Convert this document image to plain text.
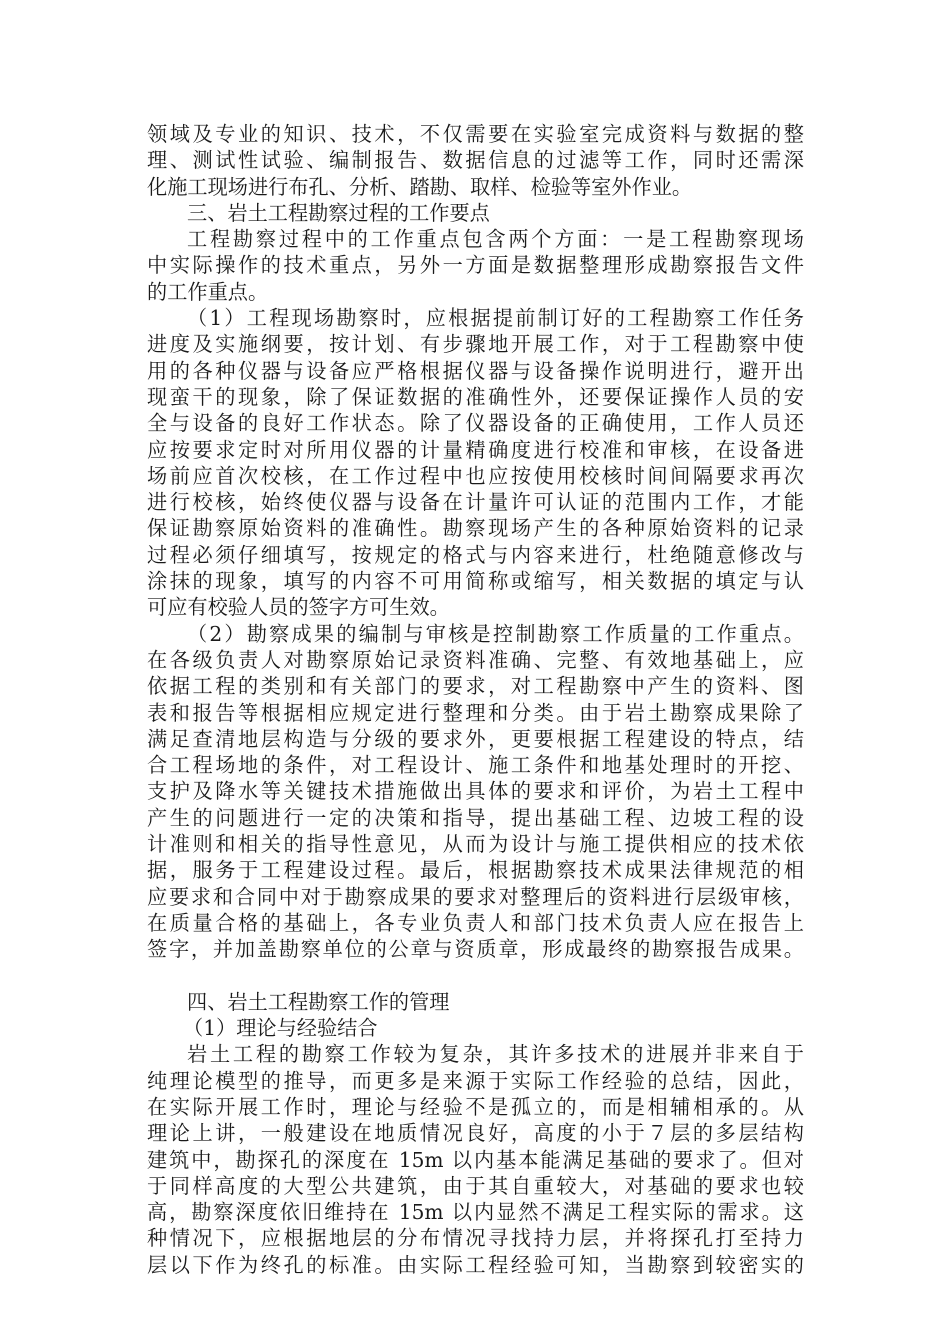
领域及专业的知识、技术，不仅需要在实验室完成资料与数据的整
理、测试性试验、编制报告、数据信息的过滤等工作，同时还需深
化施工现场进行布孔、分析、踏勘、取样、检验等室外作业。
三、岩土工程勘察过程的工作要点
工程勘察过程中的工作重点包含两个方面：一是工程勘察现场
中实际操作的技术重点，另外一方面是数据整理形成勘察报告文件
的工作重点。
（1）工程现场勘察时，应根据提前制订好的工程勘察工作任务
进度及实施纲要，按计划、有步骤地开展工作，对于工程勘察中使
用的各种仪器与设备应严格根据仪器与设备操作说明进行，避开出
现蛮干的现象，除了保证数据的准确性外，还要保证操作人员的安
全与设备的良好工作状态。除了仪器设备的正确使用，工作人员还
应按要求定时对所用仪器的计量精确度进行校准和审核，在设备进
场前应首次校核，在工作过程中也应按使用校核时间间隔要求再次
进行校核，始终使仪器与设备在计量许可认证的范围内工作，才能
保证勘察原始资料的准确性。勘察现场产生的各种原始资料的记录
过程必须仔细填写，按规定的格式与内容来进行，杜绝随意修改与
涂抹的现象，填写的内容不可用简称或缩写，相关数据的填定与认
可应有校验人员的签字方可生效。
（2）勘察成果的编制与审核是控制勘察工作质量的工作重点。
在各级负责人对勘察原始记录资料准确、完整、有效地基础上，应
依据工程的类别和有关部门的要求，对工程勘察中产生的资料、图
表和报告等根据相应规定进行整理和分类。由于岩土勘察成果除了
满足查清地层构造与分级的要求外，更要根据工程建设的特点，结
合工程场地的条件，对工程设计、施工条件和地基处理时的开挖、
支护及降水等关键技术措施做出具体的要求和评价，为岩土工程中
产生的问题进行一定的决策和指导，提出基础工程、边坡工程的设
计准则和相关的指导性意见，从而为设计与施工提供相应的技术依
据，服务于工程建设过程。最后，根据勘察技术成果法律规范的相
应要求和合同中对于勘察成果的要求对整理后的资料进行层级审核，
在质量合格的基础上，各专业负责人和部门技术负责人应在报告上
签字，并加盖勘察单位的公章与资质章，形成最终的勘察报告成果。
四、岩土工程勘察工作的管理
（1）理论与经验结合
岩土工程的勘察工作较为复杂，其许多技术的进展并非来自于
纯理论模型的推导，而更多是来源于实际工作经验的总结，因此，
在实际开展工作时，理论与经验不是孤立的，而是相辅相承的。从
理论上讲，一般建设在地质情况良好，高度的小于７层的多层结构
建筑中，勘探孔的深度在 15m 以内基本能满足基础的要求了。但对
于同样高度的大型公共建筑，由于其自重较大，对基础的要求也较
高，勘察深度依旧维持在 15m 以内显然不满足工程实际的需求。这
种情况下，应根据地层的分布情况寻找持力层，并将探孔打至持力
层以下作为终孔的标准。由实际工程经验可知，当勘察到较密实的
